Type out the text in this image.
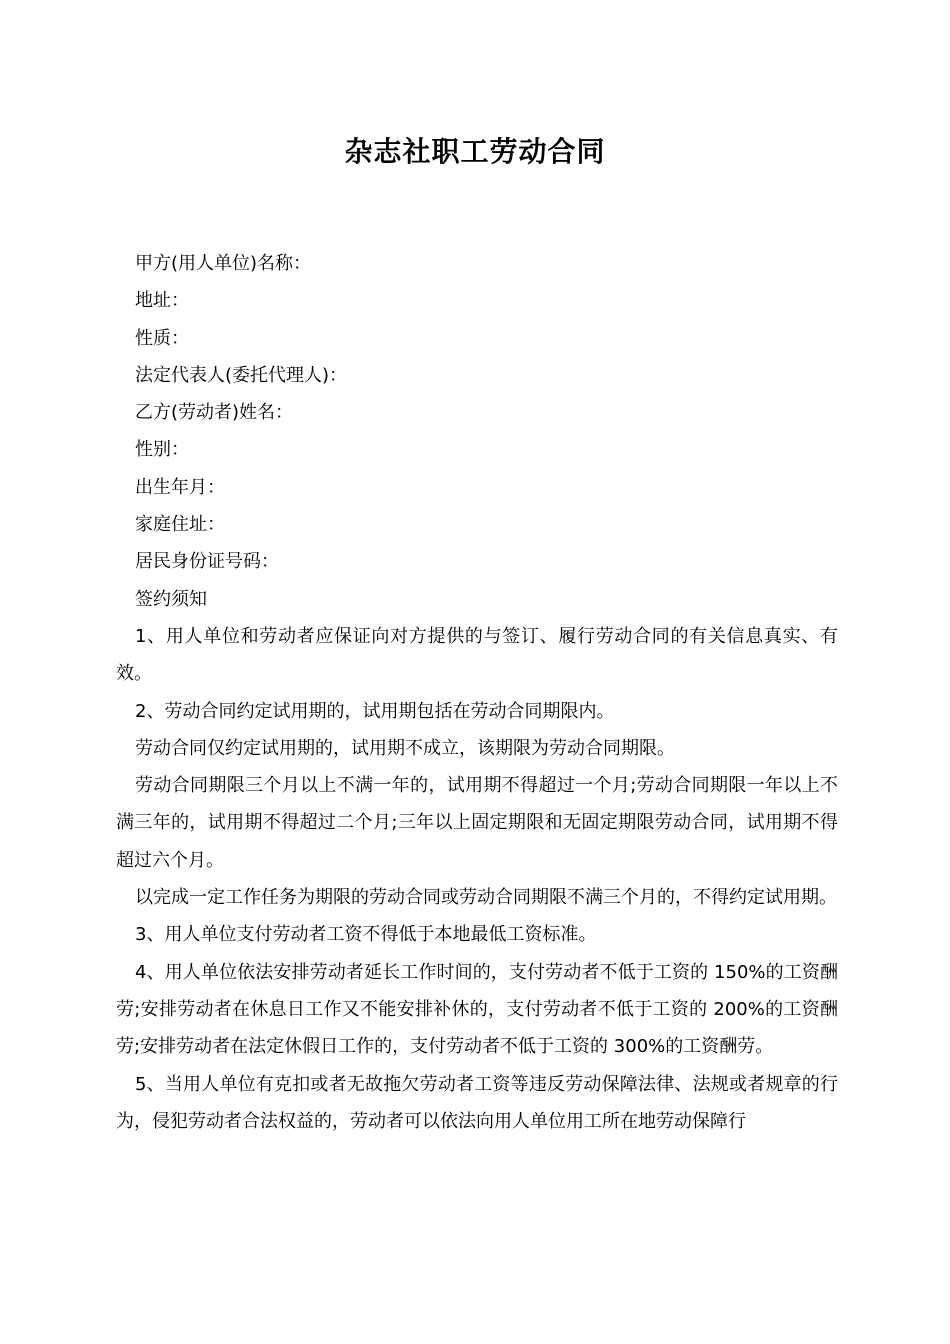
杂志社职工劳动合同

甲方(用人单位)名称：

地址：

性质：

法定代表人(委托代理人)：

乙方(劳动者)姓名：

性别：

出生年月：

家庭住址：

居民身份证号码：

签约须知

1、用人单位和劳动者应保证向对方提供的与签订、履行劳动合同的有关信息真实、有效。

2、劳动合同约定试用期的，试用期包括在劳动合同期限内。

劳动合同仅约定试用期的，试用期不成立，该期限为劳动合同期限。

劳动合同期限三个月以上不满一年的，试用期不得超过一个月;劳动合同期限一年以上不满三年的，试用期不得超过二个月;三年以上固定期限和无固定期限劳动合同，试用期不得超过六个月。

以完成一定工作任务为期限的劳动合同或劳动合同期限不满三个月的，不得约定试用期。

3、用人单位支付劳动者工资不得低于本地最低工资标准。

4、用人单位依法安排劳动者延长工作时间的，支付劳动者不低于工资的 150%的工资酬劳;安排劳动者在休息日工作又不能安排补休的，支付劳动者不低于工资的 200%的工资酬劳;安排劳动者在法定休假日工作的，支付劳动者不低于工资的 300%的工资酬劳。

5、当用人单位有克扣或者无故拖欠劳动者工资等违反劳动保障法律、法规或者规章的行为，侵犯劳动者合法权益的，劳动者可以依法向用人单位用工所在地劳动保障行
